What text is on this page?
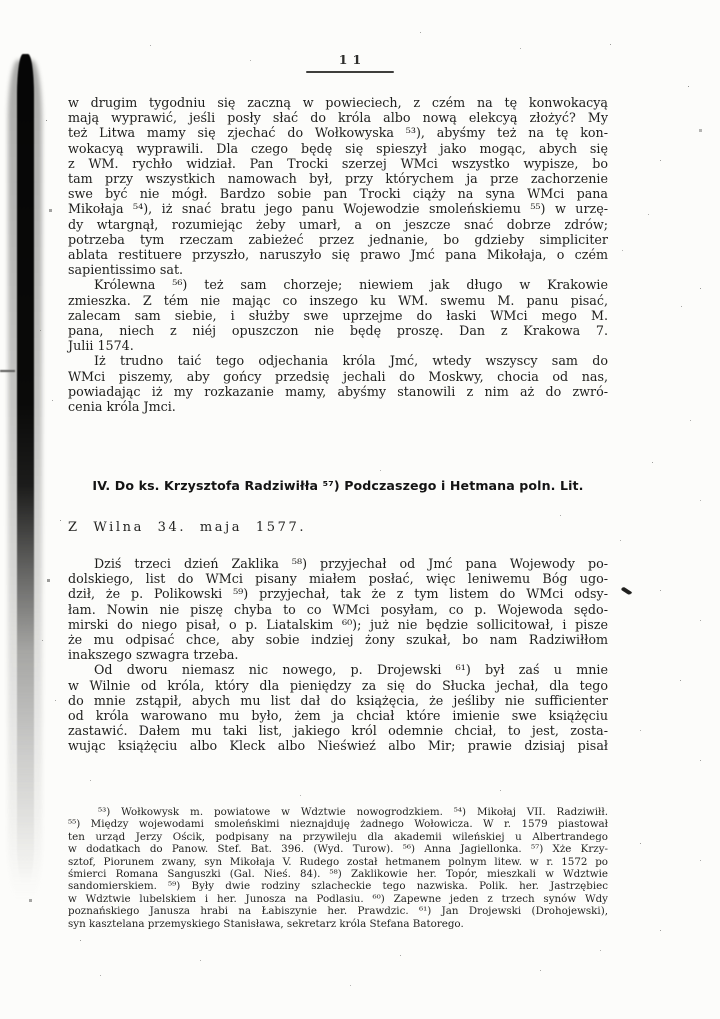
11
w drugim tygodniu się zaczną w powieciech, z czém na tę konwokacyą
mają wyprawić, jeśli posły słać do króla albo nową elekcyą złożyć? My
też Litwa mamy się zjechać do Wołkowyska ⁵³), abyśmy też na tę kon-
wokacyą wyprawili. Dla czego będę się spieszył jako mogąc, abych się
z WM. rychło widział. Pan Trocki szerzej WMci wszystko wypisze, bo
tam przy wszystkich namowach był, przy którychem ja prze zachorzenie
swe być nie mógł. Bardzo sobie pan Trocki ciąży na syna WMci pana
Mikołaja ⁵⁴), iż snać bratu jego panu Wojewodzie smoleńskiemu ⁵⁵) w urzę-
dy wtargnął, rozumiejąc żeby umarł, a on jeszcze snać dobrze zdrów;
potrzeba tym rzeczam zabieżeć przez jednanie, bo gdzieby simpliciter
ablata restituere przyszło, naruszyło się prawo Jmć pana Mikołaja, o czém
sapientissimo sat.
Królewna ⁵⁶) też sam chorzeje; niewiem jak długo w Krakowie
zmieszka. Z tém nie mając co inszego ku WM. swemu M. panu pisać,
zalecam sam siebie, i służby swe uprzejme do łaski WMci mego M.
pana, niech z niéj opuszczon nie będę proszę. Dan z Krakowa 7.
Julii 1574.
Iż trudno taić tego odjechania króla Jmć, wtedy wszyscy sam do
WMci piszemy, aby gońcy przedsię jechali do Moskwy, chocia od nas,
powiadając iż my rozkazanie mamy, abyśmy stanowili z nim aż do zwró-
cenia króla Jmci.
IV. Do ks. Krzysztofa Radziwiłła ⁵⁷) Podczaszego i Hetmana poln. Lit.
Z Wilna 34. maja 1577.
Dziś trzeci dzień Zaklika ⁵⁸) przyjechał od Jmć pana Wojewody po-
dolskiego, list do WMci pisany miałem posłać, więc leniwemu Bóg ugo-
dził, że p. Polikowski ⁵⁹) przyjechał, tak że z tym listem do WMci odsy-
łam. Nowin nie piszę chyba to co WMci posyłam, co p. Wojewoda sędo-
mirski do niego pisał, o p. Liatalskim ⁶⁰); już nie będzie sollicitował, i pisze
że mu odpisać chce, aby sobie indziej żony szukał, bo nam Radziwiłłom
inakszego szwagra trzeba.
Od dworu niemasz nic nowego, p. Drojewski ⁶¹) był zaś u mnie
w Wilnie od króla, który dla pieniędzy za się do Słucka jechał, dla tego
do mnie zstąpił, abych mu list dał do książęcia, że jeśliby nie sufficienter
od króla warowano mu było, żem ja chciał które imienie swe książęciu
zastawić. Dałem mu taki list, jakiego król odemnie chciał, to jest, zosta-
wując książęciu albo Kleck albo Nieświeź albo Mir; prawie dzisiaj pisał
⁵³) Wołkowysk m. powiatowe w Wdztwie nowogrodzkiem. ⁵⁴) Mikołaj VII. Radziwiłł.
⁵⁵) Między wojewodami smoleńskimi nieznajduję żadnego Wołowicza. W r. 1579 piastował
ten urząd Jerzy Ościk, podpisany na przywileju dla akademii wileńskiej u Albertrandego
w dodatkach do Panow. Stef. Bat. 396. (Wyd. Turow). ⁵⁶) Anna Jagiellonka. ⁵⁷) Xże Krzy-
sztof, Piorunem zwany, syn Mikołaja V. Rudego został hetmanem polnym litew. w r. 1572 po
śmierci Romana Sanguszki (Gal. Nieś. 84). ⁵⁸) Zaklikowie her. Topór, mieszkali w Wdztwie
sandomierskiem. ⁵⁹) Były dwie rodziny szlacheckie tego nazwiska. Polik. her. Jastrzębiec
w Wdztwie lubelskiem i her. Junosza na Podlasiu. ⁶⁰) Zapewne jeden z trzech synów Wdy
poznańskiego Janusza hrabi na Łabiszynie her. Prawdzic. ⁶¹) Jan Drojewski (Drohojewski),
syn kasztelana przemyskiego Stanisława, sekretarz króla Stefana Batorego.
